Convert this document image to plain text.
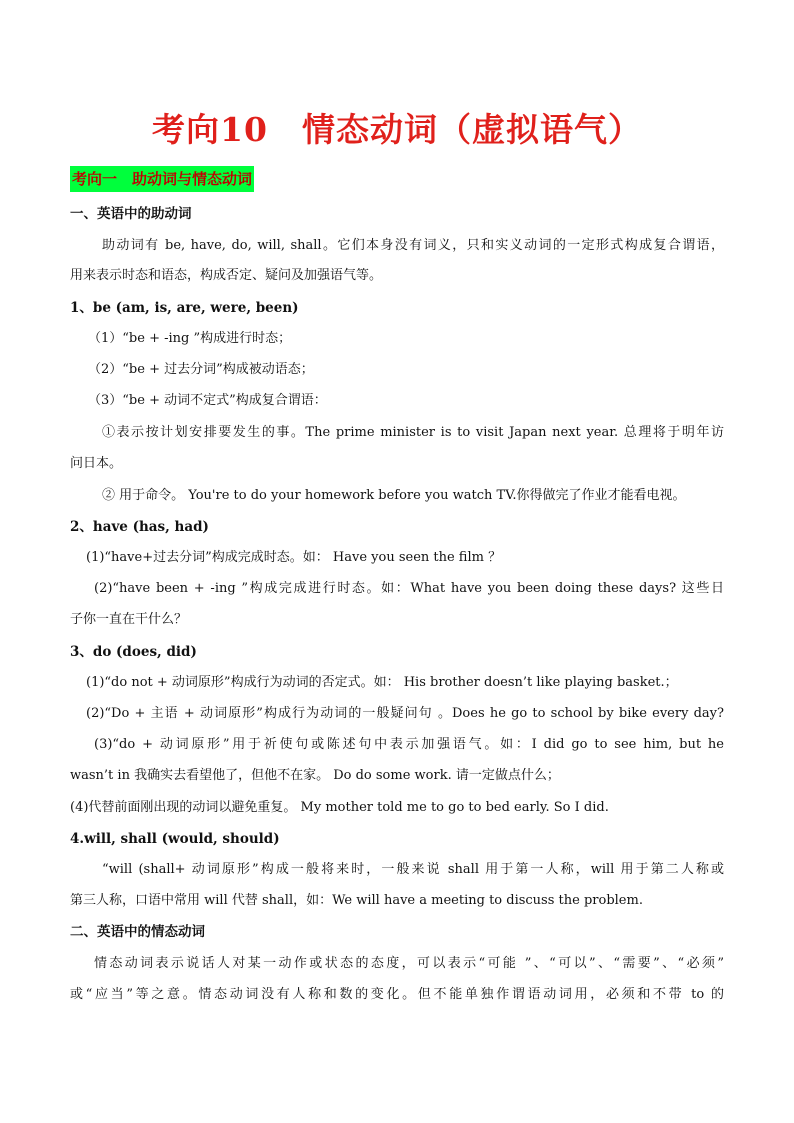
考向10　情态动词（虚拟语气）
考向一　助动词与情态动词
一、英语中的助动词
助动词有 be, have, do, will, shall。它们本身没有词义，只和实义动词的一定形式构成复合谓语，
用来表示时态和语态，构成否定、疑问及加强语气等。
1、be (am, is, are, were, been)
（1）“be + -ing ”构成进行时态；
（2）“be + 过去分词”构成被动语态；
（3）“be + 动词不定式”构成复合谓语：
①表示按计划安排要发生的事。The prime minister is to visit Japan next year. 总理将于明年访
问日本。
② 用于命令。 You're to do your homework before you watch TV.你得做完了作业才能看电视。
2、have (has, had)
(1)“have+过去分词”构成完成时态。如： Have you seen the film ？
(2)“have been + -ing ”构成完成进行时态。如：What have you been doing these days? 这些日
子你一直在干什么？
3、do (does, did)
(1)“do not + 动词原形”构成行为动词的否定式。如： His brother doesn’t like playing basket.；
(2)“Do + 主语 + 动词原形”构成行为动词的一般疑问句 。Does he go to school by bike every day?
(3)“do + 动词原形”用于祈使句或陈述句中表示加强语气。如：I did go to see him, but he
wasn’t in 我确实去看望他了，但他不在家。 Do do some work. 请一定做点什么；
(4)代替前面刚出现的动词以避免重复。 My mother told me to go to bed early. So I did.
4.will, shall (would, should)
“will (shall+ 动词原形”构成一般将来时，一般来说 shall 用于第一人称，will 用于第二人称或
第三人称，口语中常用 will 代替 shall，如：We will have a meeting to discuss the problem.
二、英语中的情态动词
情态动词表示说话人对某一动作或状态的态度，可以表示“可能 ”、“可以”、“需要”、“必须”
或“应当”等之意。情态动词没有人称和数的变化。但不能单独作谓语动词用，必须和不带 to 的
